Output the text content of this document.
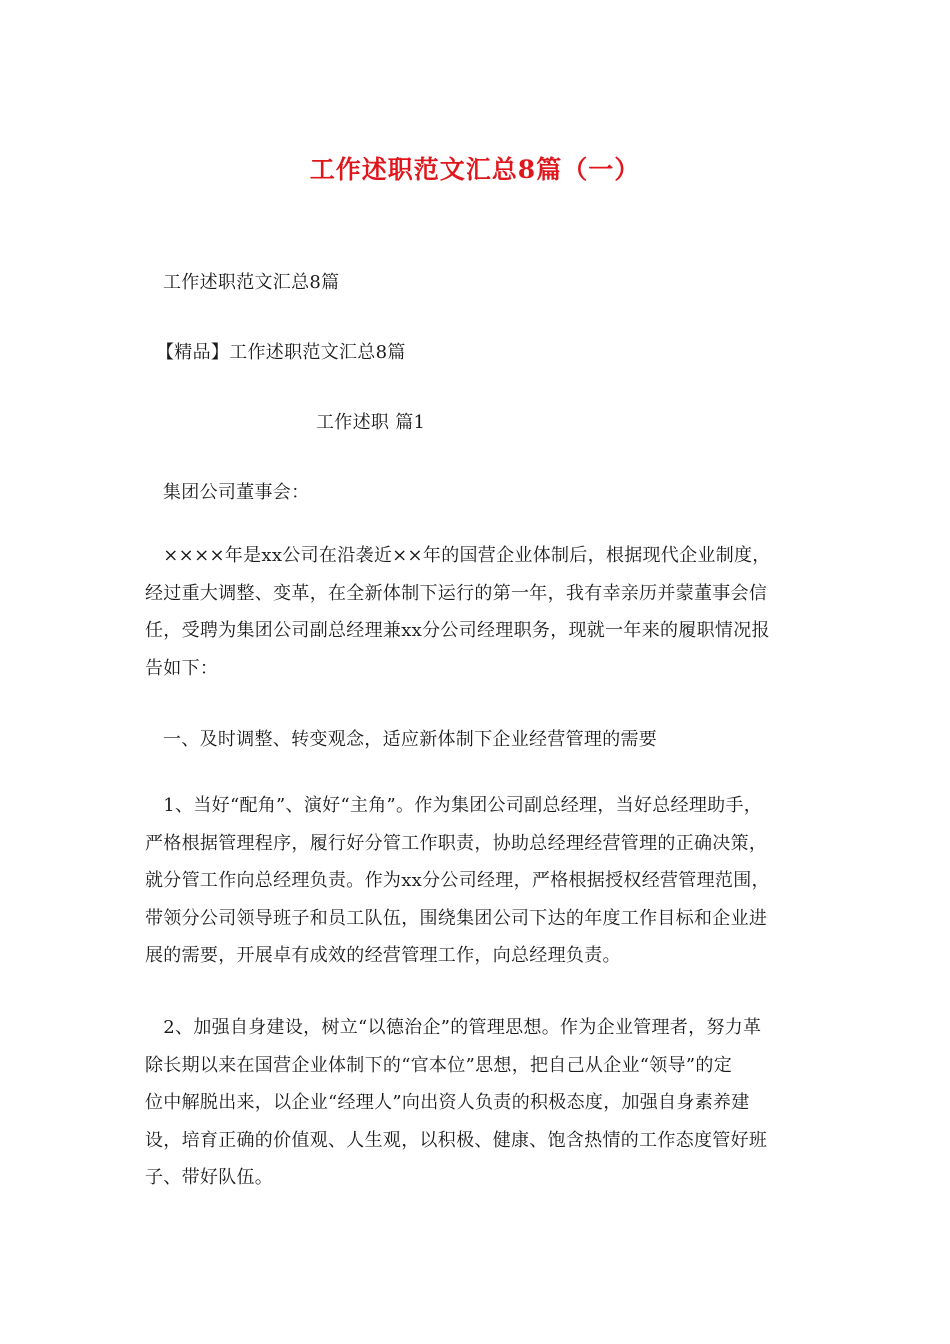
工作述职范文汇总8篇（一）
工作述职范文汇总8篇
【精品】工作述职范文汇总8篇
工作述职 篇1
集团公司董事会：

　××××年是xx公司在沿袭近××年的国营企业体制后，根据现代企业制度，

经过重大调整、变革，在全新体制下运行的第一年，我有幸亲历并蒙董事会信

任，受聘为集团公司副总经理兼xx分公司经理职务，现就一年来的履职情况报

告如下：

一、及时调整、转变观念，适应新体制下企业经营管理的需要

　1、当好“配角”、演好“主角”。作为集团公司副总经理，当好总经理助手，

严格根据管理程序，履行好分管工作职责，协助总经理经营管理的正确决策，

就分管工作向总经理负责。作为xx分公司经理，严格根据授权经营管理范围，

带领分公司领导班子和员工队伍，围绕集团公司下达的年度工作目标和企业进

展的需要，开展卓有成效的经营管理工作，向总经理负责。

　2、加强自身建设，树立“以德治企”的管理思想。作为企业管理者，努力革

除长期以来在国营企业体制下的“官本位”思想，把自己从企业“领导”的定

位中解脱出来，以企业“经理人”向出资人负责的积极态度，加强自身素养建

设，培育正确的价值观、人生观，以积极、健康、饱含热情的工作态度管好班

子、带好队伍。
